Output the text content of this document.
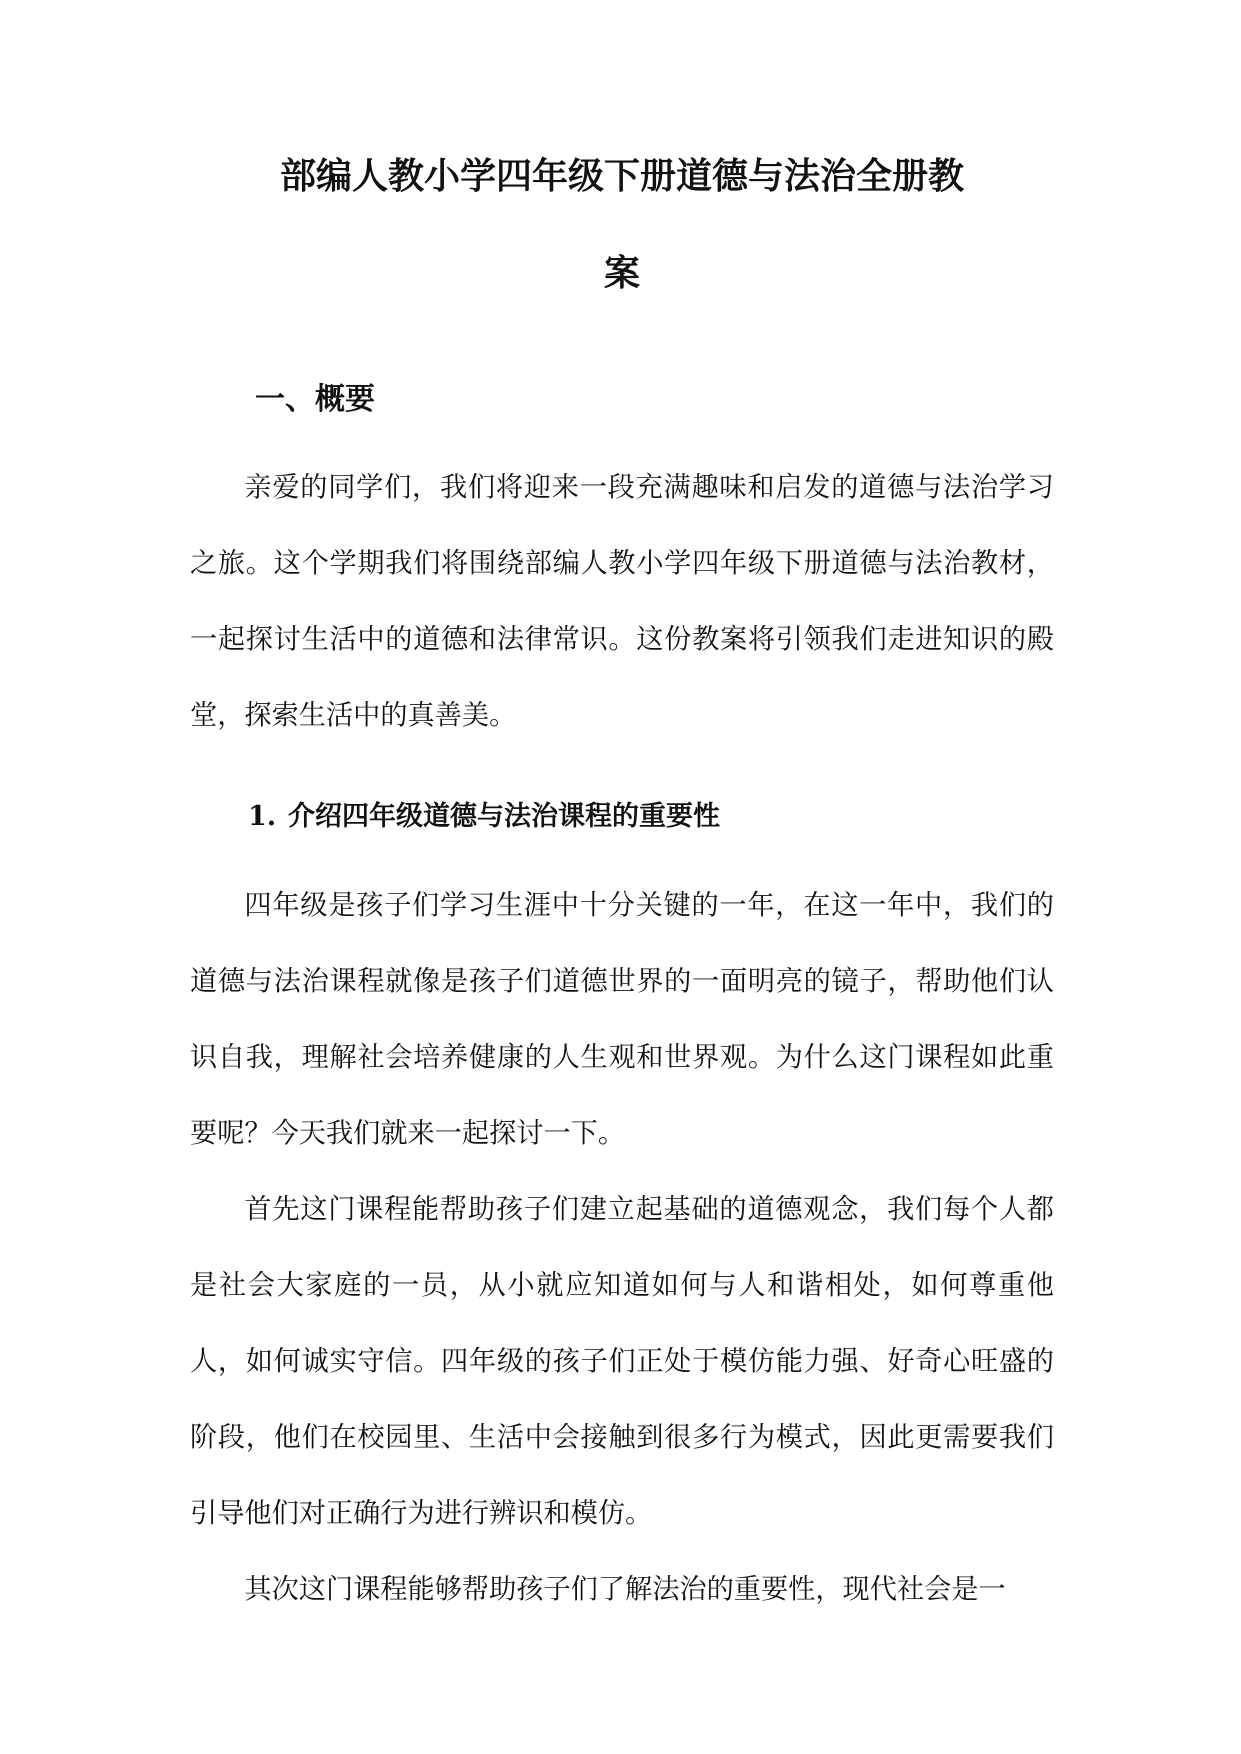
部编人教小学四年级下册道德与法治全册教
案
一、概要

亲爱的同学们，我们将迎来一段充满趣味和启发的道德与法治学习之旅。这个学期我们将围绕部编人教小学四年级下册道德与法治教材，一起探讨生活中的道德和法律常识。这份教案将引领我们走进知识的殿堂，探索生活中的真善美。

1. 介绍四年级道德与法治课程的重要性

四年级是孩子们学习生涯中十分关键的一年，在这一年中，我们的道德与法治课程就像是孩子们道德世界的一面明亮的镜子，帮助他们认识自我，理解社会培养健康的人生观和世界观。为什么这门课程如此重要呢？今天我们就来一起探讨一下。

首先这门课程能帮助孩子们建立起基础的道德观念，我们每个人都是社会大家庭的一员，从小就应知道如何与人和谐相处，如何尊重他人，如何诚实守信。四年级的孩子们正处于模仿能力强、好奇心旺盛的阶段，他们在校园里、生活中会接触到很多行为模式，因此更需要我们引导他们对正确行为进行辨识和模仿。

其次这门课程能够帮助孩子们了解法治的重要性，现代社会是一
